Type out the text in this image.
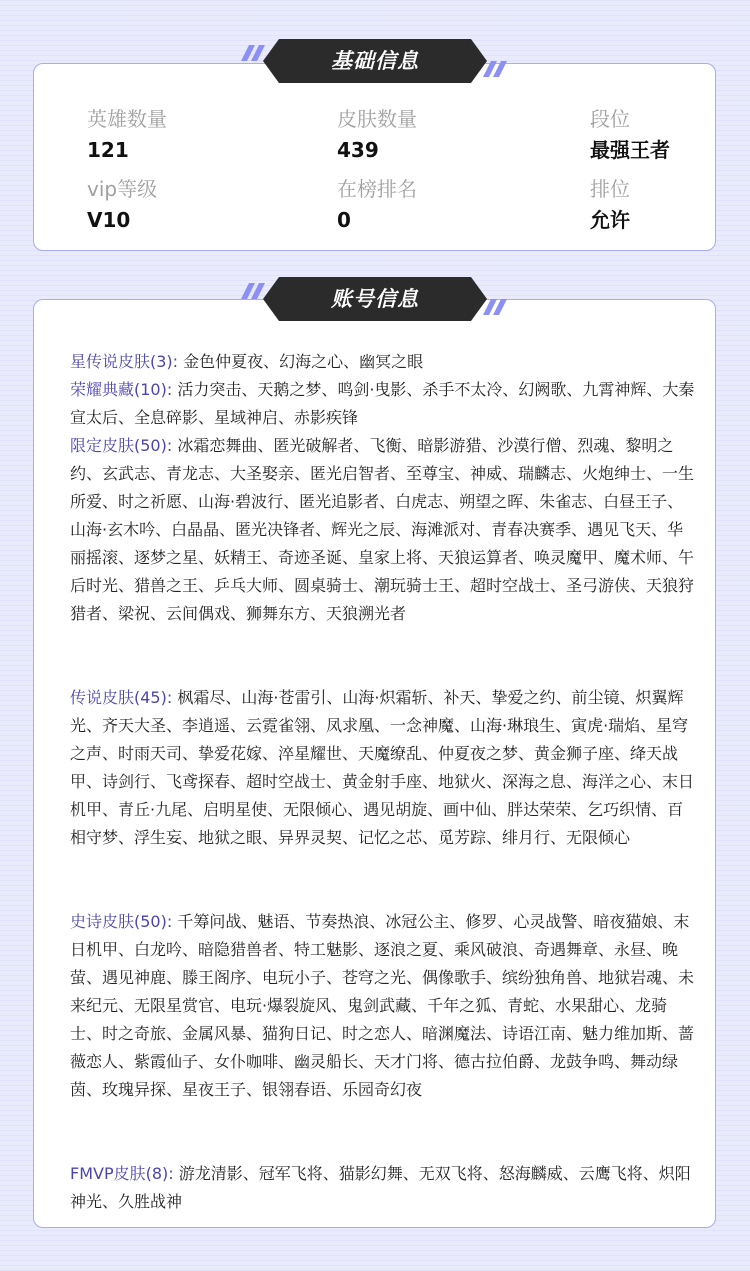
英雄数量
121
皮肤数量
439
段位
最强王者
vip等级
V10
在榜排名
0
排位
允许
星传说皮肤(3): 金色仲夏夜、幻海之心、幽冥之眼
荣耀典藏(10): 活力突击、天鹅之梦、鸣剑·曳影、杀手不太冷、幻阙歌、九霄神辉、大秦宣太后、全息碎影、星域神启、赤影疾锋
限定皮肤(50): 冰霜恋舞曲、匿光破解者、飞衡、暗影游猎、沙漠行僧、烈魂、黎明之约、玄武志、青龙志、大圣娶亲、匿光启智者、至尊宝、神威、瑞麟志、火炮绅士、一生所爱、时之祈愿、山海·碧波行、匿光追影者、白虎志、朔望之晖、朱雀志、白昼王子、山海·玄木吟、白晶晶、匿光决锋者、辉光之辰、海滩派对、青春决赛季、遇见飞天、华丽摇滚、逐梦之星、妖精王、奇迹圣诞、皇家上将、天狼运算者、唤灵魔甲、魔术师、午后时光、猎兽之王、乒乓大师、圆桌骑士、潮玩骑士王、超时空战士、圣弓游侠、天狼狩猎者、梁祝、云间偶戏、狮舞东方、天狼溯光者
传说皮肤(45): 枫霜尽、山海·苍雷引、山海·炽霜斩、补天、挚爱之约、前尘镜、炽翼辉光、齐天大圣、李逍遥、云霓雀翎、凤求凰、一念神魔、山海·琳琅生、寅虎·瑞焰、星穹之声、时雨天司、挚爱花嫁、淬星耀世、天魔缭乱、仲夏夜之梦、黄金狮子座、绛天战甲、诗剑行、飞鸢探春、超时空战士、黄金射手座、地狱火、深海之息、海洋之心、末日机甲、青丘·九尾、启明星使、无限倾心、遇见胡旋、画中仙、胖达荣荣、乞巧织情、百相守梦、浮生妄、地狱之眼、异界灵契、记忆之芯、觅芳踪、绯月行、无限倾心
史诗皮肤(50): 千筹问战、魅语、节奏热浪、冰冠公主、修罗、心灵战警、暗夜猫娘、末日机甲、白龙吟、暗隐猎兽者、特工魅影、逐浪之夏、乘风破浪、奇遇舞章、永昼、晚萤、遇见神鹿、滕王阁序、电玩小子、苍穹之光、偶像歌手、缤纷独角兽、地狱岩魂、未来纪元、无限星赏官、电玩·爆裂旋风、鬼剑武藏、千年之狐、青蛇、水果甜心、龙骑士、时之奇旅、金属风暴、猫狗日记、时之恋人、暗渊魔法、诗语江南、魅力维加斯、蔷薇恋人、紫霞仙子、女仆咖啡、幽灵船长、天才门将、德古拉伯爵、龙鼓争鸣、舞动绿茵、玫瑰异探、星夜王子、银翎春语、乐园奇幻夜
FMVP皮肤(8): 游龙清影、冠军飞将、猫影幻舞、无双飞将、怒海麟威、云鹰飞将、炽阳神光、久胜战神
基础信息
账号信息
